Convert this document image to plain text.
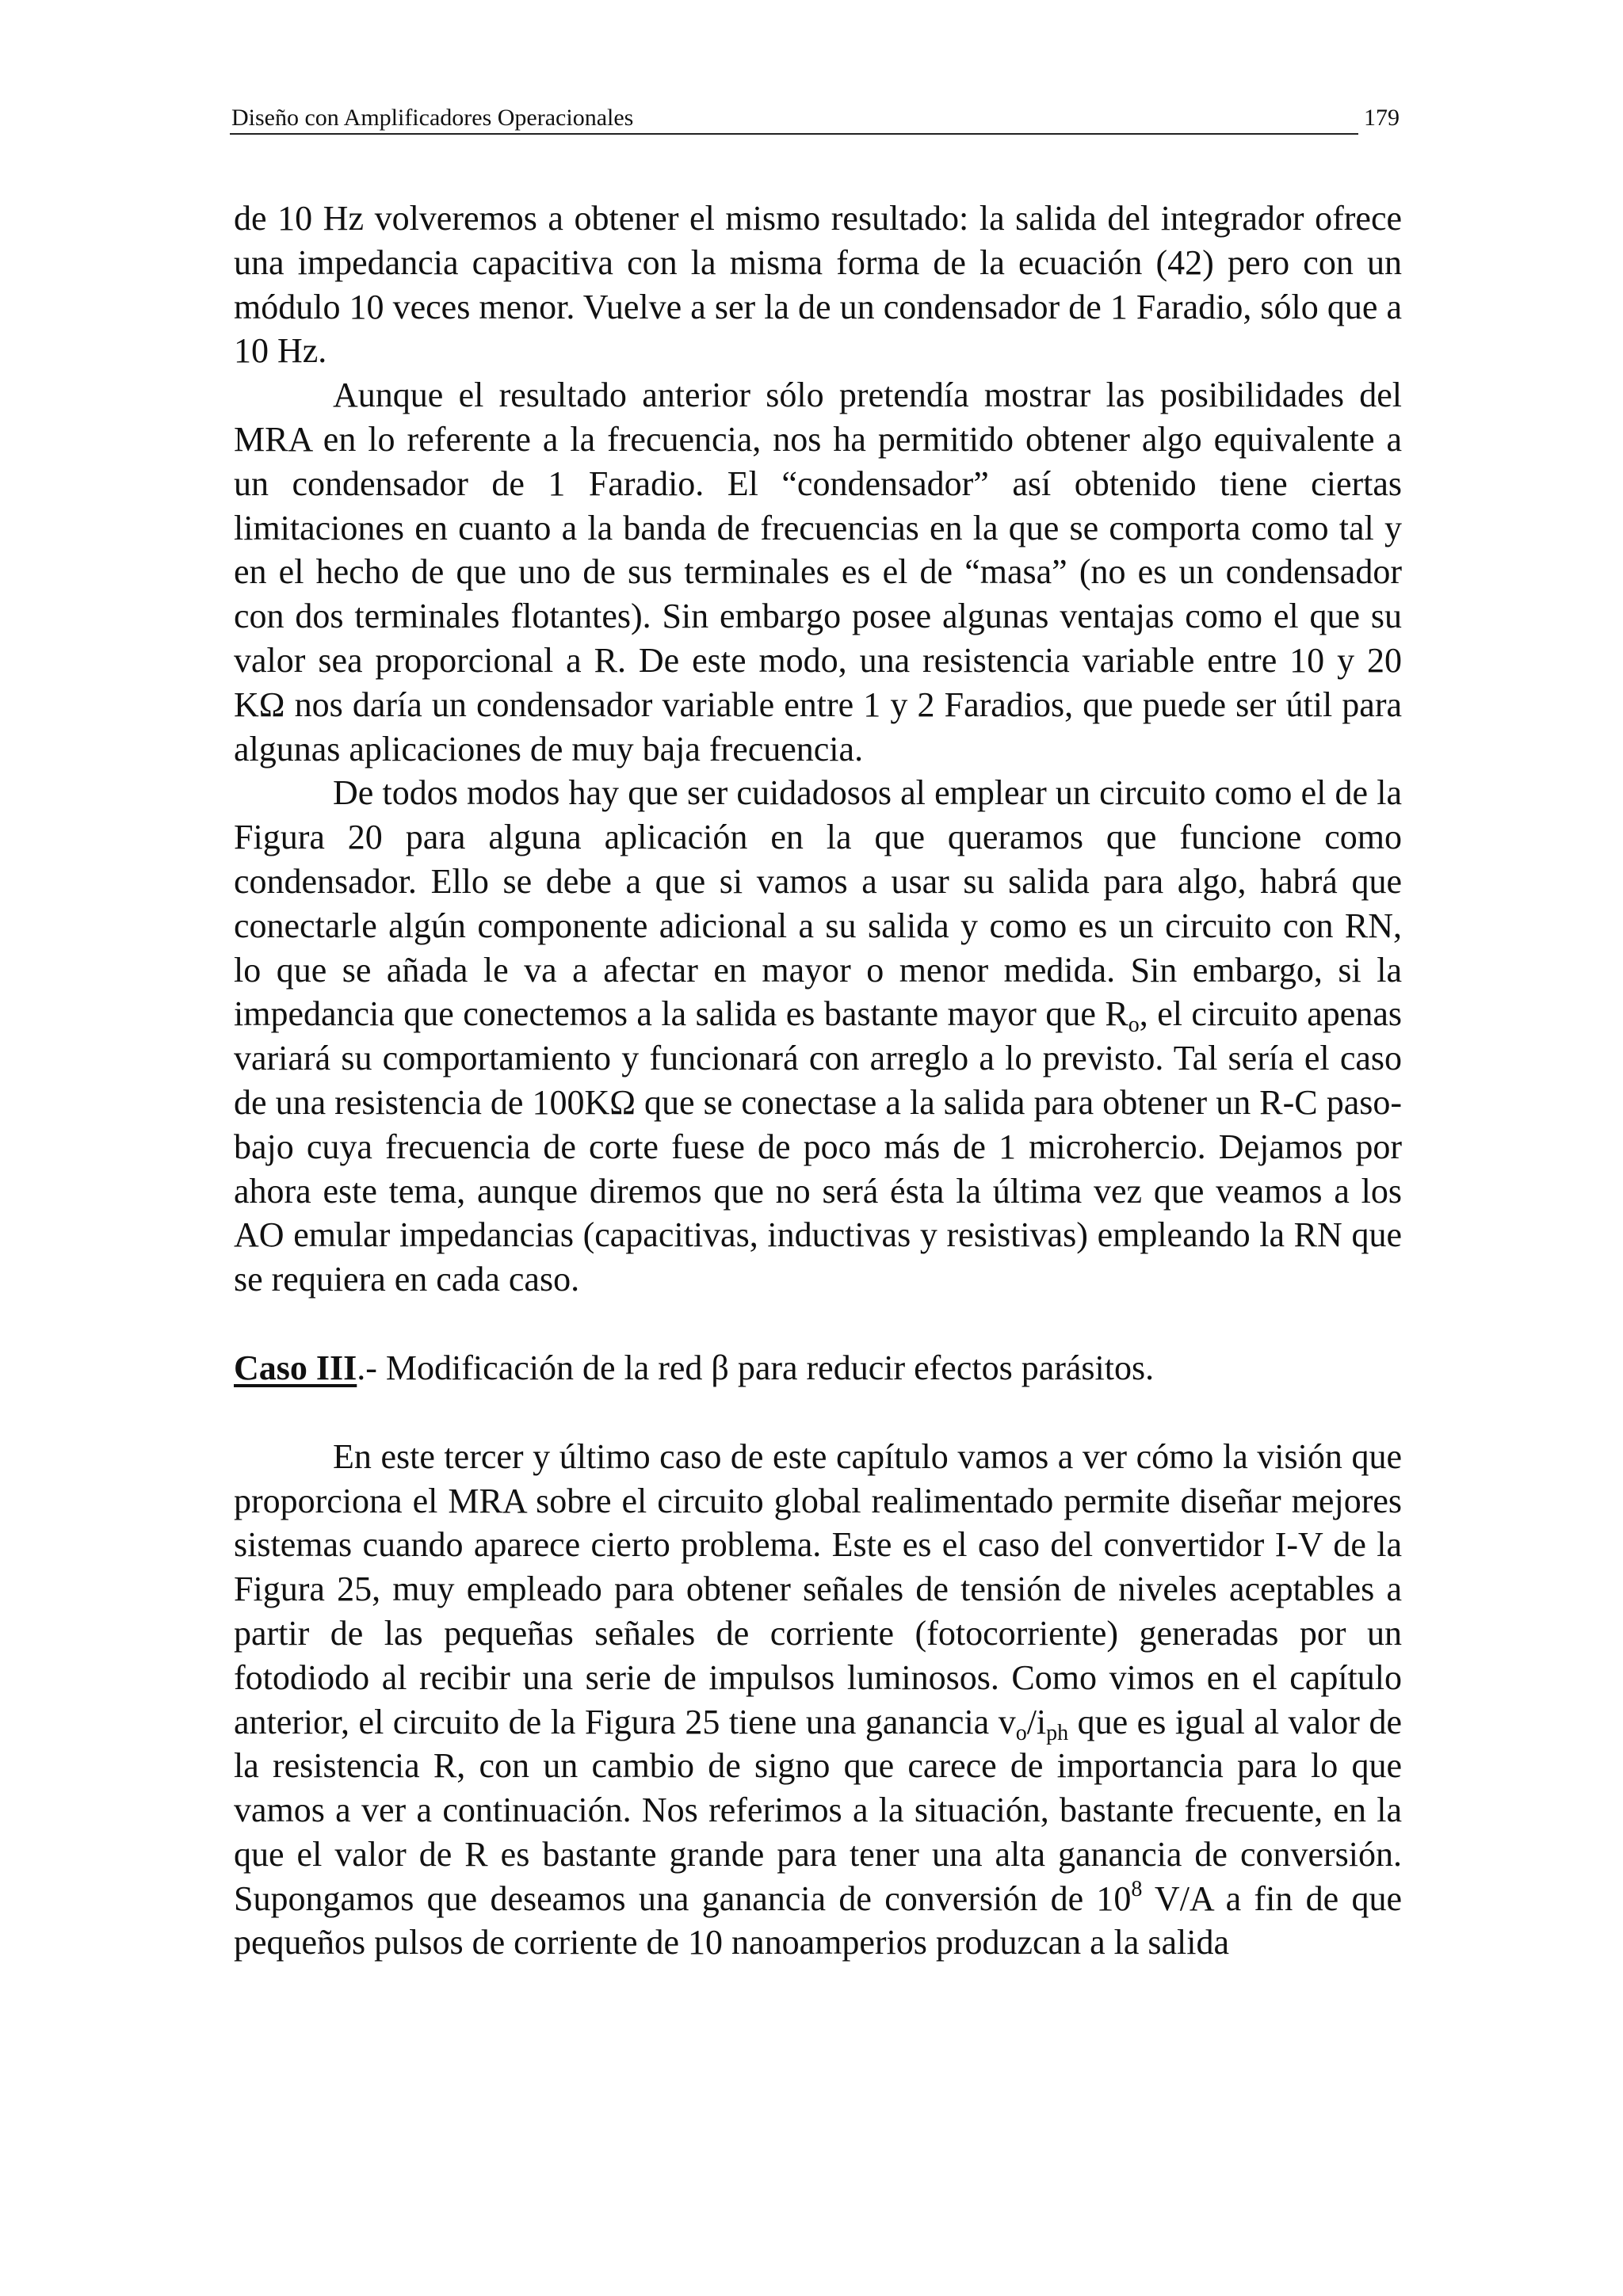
Diseño con Amplificadores Operacionales	179

de 10 Hz volveremos a obtener el mismo resultado: la salida del integrador ofrece una impedancia capacitiva con la misma forma de la ecuación (42) pero con un módulo 10 veces menor. Vuelve a ser la de un condensador de 1 Faradio, sólo que a 10 Hz.

Aunque el resultado anterior sólo pretendía mostrar las posibilidades del MRA en lo referente a la frecuencia, nos ha permitido obtener algo equivalente a un condensador de 1 Faradio. El “condensador” así obtenido tiene ciertas limitaciones en cuanto a la banda de frecuencias en la que se comporta como tal y en el hecho de que uno de sus terminales es el de “masa” (no es un condensador con dos terminales flotantes). Sin embargo posee algunas ventajas como el que su valor sea proporcional a R. De este modo, una resistencia variable entre 10 y 20 KΩ nos daría un condensador variable entre 1 y 2 Faradios, que puede ser útil para algunas aplicaciones de muy baja frecuencia.

De todos modos hay que ser cuidadosos al emplear un circuito como el de la Figura 20 para alguna aplicación en la que queramos que funcione como condensador. Ello se debe a que si vamos a usar su salida para algo, habrá que conectarle algún componente adicional a su salida y como es un circuito con RN, lo que se añada le va a afectar en mayor o menor medida. Sin embargo, si la impedancia que conectemos a la salida es bastante mayor que $R_o$, el circuito apenas variará su comportamiento y funcionará con arreglo a lo previsto. Tal sería el caso de una resistencia de 100KΩ que se conectase a la salida para obtener un R-C paso-bajo cuya frecuencia de corte fuese de poco más de 1 microhercio. Dejamos por ahora este tema, aunque diremos que no será ésta la última vez que veamos a los AO emular impedancias (capacitivas, inductivas y resistivas) empleando la RN que se requiera en cada caso.

Caso III.- Modificación de la red β para reducir efectos parásitos.

En este tercer y último caso de este capítulo vamos a ver cómo la visión que proporciona el MRA sobre el circuito global realimentado permite diseñar mejores sistemas cuando aparece cierto problema. Este es el caso del convertidor I-V de la Figura 25, muy empleado para obtener señales de tensión de niveles aceptables a partir de las pequeñas señales de corriente (fotocorriente) generadas por un fotodiodo al recibir una serie de impulsos luminosos. Como vimos en el capítulo anterior, el circuito de la Figura 25 tiene una ganancia $v_o/i_{ph}$ que es igual al valor de la resistencia R, con un cambio de signo que carece de importancia para lo que vamos a ver a continuación. Nos referimos a la situación, bastante frecuente, en la que el valor de R es bastante grande para tener una alta ganancia de conversión. Supongamos que deseamos una ganancia de conversión de $10^8$ V/A a fin de que pequeños pulsos de corriente de 10 nanoamperios produzcan a la salida
